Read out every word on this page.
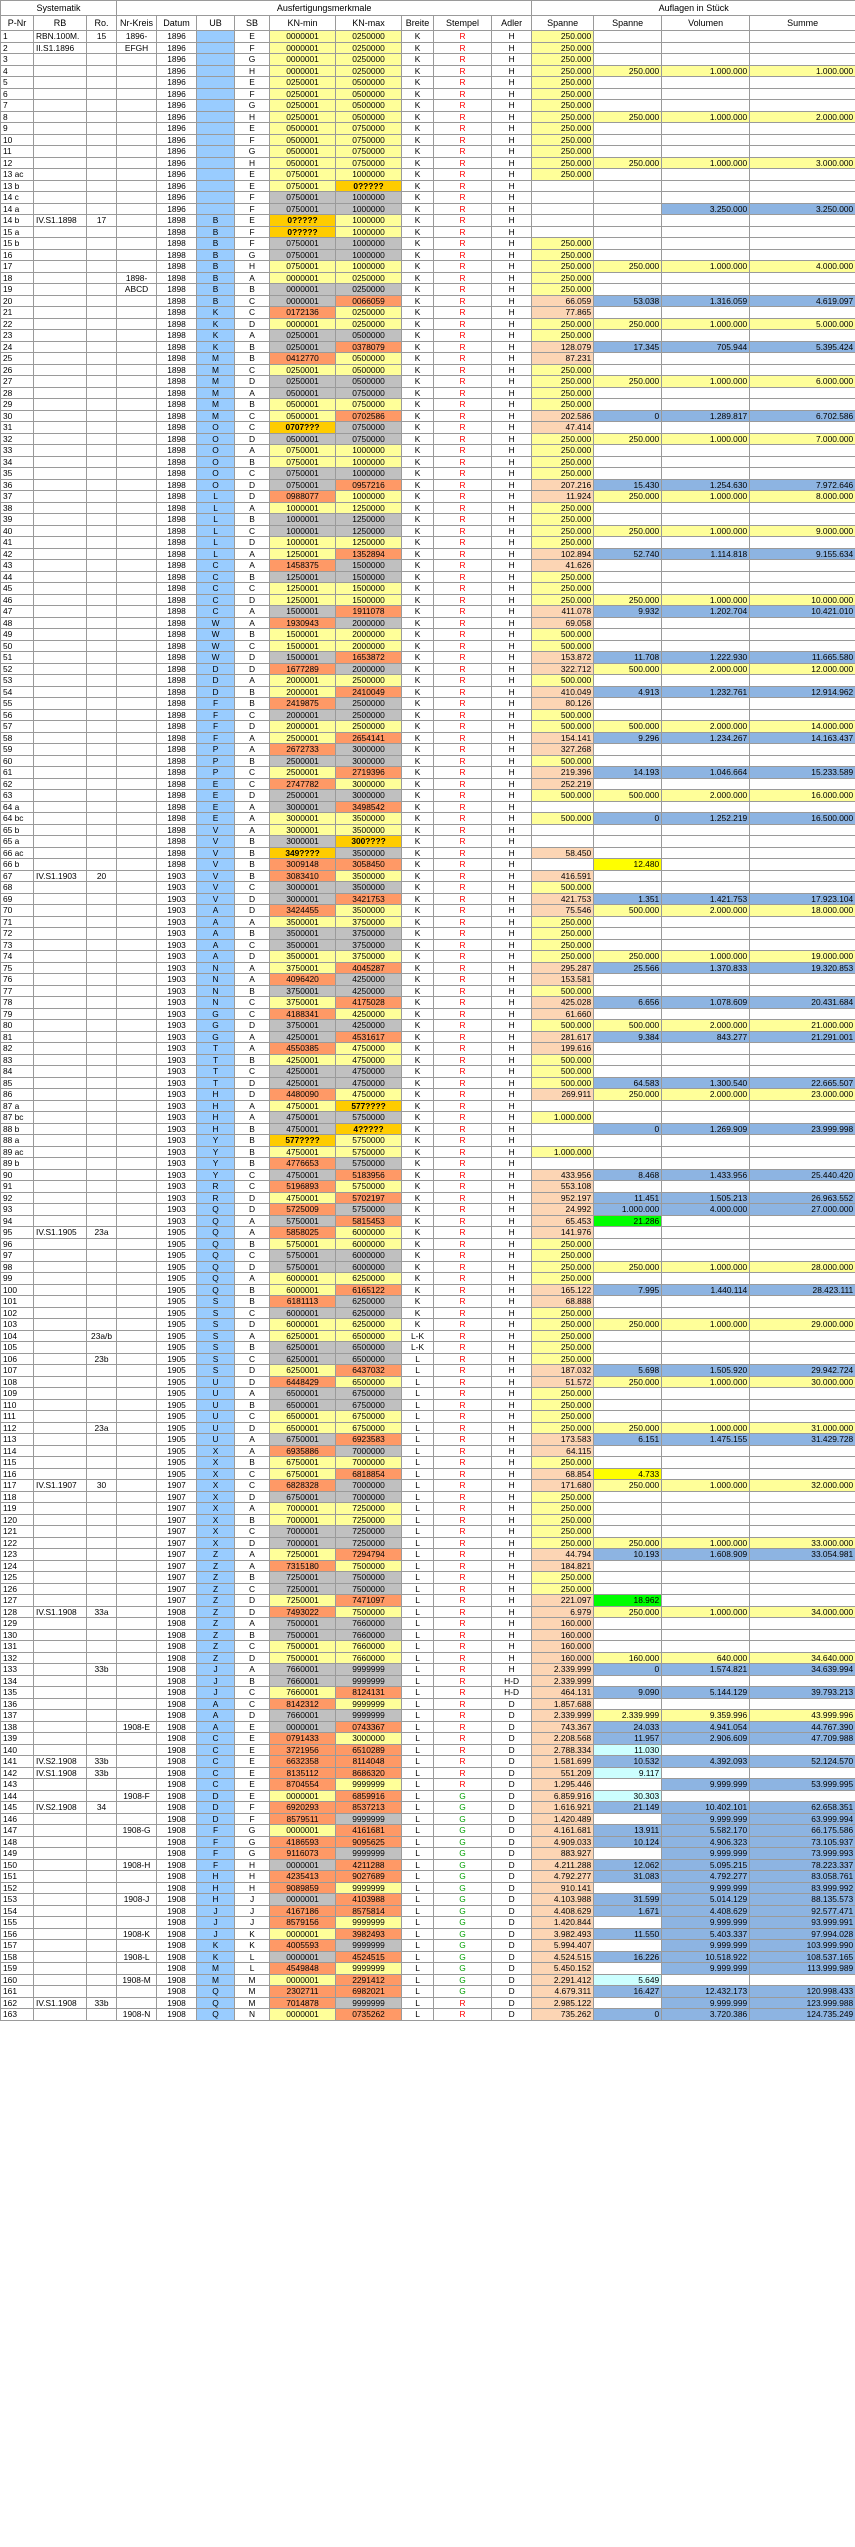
Systematik			Ausfertigungsmerkmale									Auflagen in Stück			
P-Nr	RB	Ro.	Nr-Kreis	Datum	UB	SB	KN-min	KN-max	Breite	Stempel	Adler	Spanne	Spanne	Volumen	Summe
1	RBN.100M.	15	1896-	1896		E	0000001	0250000	K	R	H	250.000			
2	II.S1.1896		EFGH	1896		F	0000001	0250000	K	R	H	250.000			
3				1896		G	0000001	0250000	K	R	H	250.000			
4				1896		H	0000001	0250000	K	R	H	250.000	250.000	1.000.000	1.000.000
5				1896		E	0250001	0500000	K	R	H	250.000			
6				1896		F	0250001	0500000	K	R	H	250.000			
7				1896		G	0250001	0500000	K	R	H	250.000			
8				1896		H	0250001	0500000	K	R	H	250.000	250.000	1.000.000	2.000.000
9				1896		E	0500001	0750000	K	R	H	250.000			
10				1896		F	0500001	0750000	K	R	H	250.000			
11				1896		G	0500001	0750000	K	R	H	250.000			
12				1896		H	0500001	0750000	K	R	H	250.000	250.000	1.000.000	3.000.000
13 ac				1896		E	0750001	1000000	K	R	H	250.000			
13 b				1896		E	0750001	0?????	K	R	H				
14 c				1896		F	0750001	1000000	K	R	H				
14 a				1896		F	0750001	1000000	K	R	H			3.250.000	3.250.000
14 b	IV.S1.1898	17		1898	B	E	0?????	1000000	K	R	H				
15 a				1898	B	F	0?????	1000000	K	R	H				
15 b				1898	B	F	0750001	1000000	K	R	H	250.000			
16				1898	B	G	0750001	1000000	K	R	H	250.000			
17				1898	B	H	0750001	1000000	K	R	H	250.000	250.000	1.000.000	4.000.000
18			1898-	1898	B	A	0000001	0250000	K	R	H	250.000			
19			ABCD	1898	B	B	0000001	0250000	K	R	H	250.000			
20				1898	B	C	0000001	0066059	K	R	H	66.059	53.038	1.316.059	4.619.097
21				1898	K	C	0172136	0250000	K	R	H	77.865			
22				1898	K	D	0000001	0250000	K	R	H	250.000	250.000	1.000.000	5.000.000
23				1898	K	A	0250001	0500000	K	R	H	250.000			
24				1898	K	B	0250001	0378079	K	R	H	128.079	17.345	705.944	5.395.424
25				1898	M	B	0412770	0500000	K	R	H	87.231			
26				1898	M	C	0250001	0500000	K	R	H	250.000			
27				1898	M	D	0250001	0500000	K	R	H	250.000	250.000	1.000.000	6.000.000
28				1898	M	A	0500001	0750000	K	R	H	250.000			
29				1898	M	B	0500001	0750000	K	R	H	250.000			
30				1898	M	C	0500001	0702586	K	R	H	202.586	0	1.289.817	6.702.586
31				1898	O	C	0707???	0750000	K	R	H	47.414			
32				1898	O	D	0500001	0750000	K	R	H	250.000	250.000	1.000.000	7.000.000
33				1898	O	A	0750001	1000000	K	R	H	250.000			
34				1898	O	B	0750001	1000000	K	R	H	250.000			
35				1898	O	C	0750001	1000000	K	R	H	250.000			
36				1898	O	D	0750001	0957216	K	R	H	207.216	15.430	1.254.630	7.972.646
37				1898	L	D	0988077	1000000	K	R	H	11.924	250.000	1.000.000	8.000.000
38				1898	L	A	1000001	1250000	K	R	H	250.000			
39				1898	L	B	1000001	1250000	K	R	H	250.000			
40				1898	L	C	1000001	1250000	K	R	H	250.000	250.000	1.000.000	9.000.000
41				1898	L	D	1000001	1250000	K	R	H	250.000			
42				1898	L	A	1250001	1352894	K	R	H	102.894	52.740	1.114.818	9.155.634
43				1898	C	A	1458375	1500000	K	R	H	41.626			
44				1898	C	B	1250001	1500000	K	R	H	250.000			
45				1898	C	C	1250001	1500000	K	R	H	250.000			
46				1898	C	D	1250001	1500000	K	R	H	250.000	250.000	1.000.000	10.000.000
47				1898	C	A	1500001	1911078	K	R	H	411.078	9.932	1.202.704	10.421.010
48				1898	W	A	1930943	2000000	K	R	H	69.058			
49				1898	W	B	1500001	2000000	K	R	H	500.000			
50				1898	W	C	1500001	2000000	K	R	H	500.000			
51				1898	W	D	1500001	1653872	K	R	H	153.872	11.708	1.222.930	11.665.580
52				1898	D	D	1677289	2000000	K	R	H	322.712	500.000	2.000.000	12.000.000
53				1898	D	A	2000001	2500000	K	R	H	500.000			
54				1898	D	B	2000001	2410049	K	R	H	410.049	4.913	1.232.761	12.914.962
55				1898	F	B	2419875	2500000	K	R	H	80.126			
56				1898	F	C	2000001	2500000	K	R	H	500.000			
57				1898	F	D	2000001	2500000	K	R	H	500.000	500.000	2.000.000	14.000.000
58				1898	F	A	2500001	2654141	K	R	H	154.141	9.296	1.234.267	14.163.437
59				1898	P	A	2672733	3000000	K	R	H	327.268			
60				1898	P	B	2500001	3000000	K	R	H	500.000			
61				1898	P	C	2500001	2719396	K	R	H	219.396	14.193	1.046.664	15.233.589
62				1898	E	C	2747782	3000000	K	R	H	252.219			
63				1898	E	D	2500001	3000000	K	R	H	500.000	500.000	2.000.000	16.000.000
64 a				1898	E	A	3000001	3498542	K	R	H				
64 bc				1898	E	A	3000001	3500000	K	R	H	500.000	0	1.252.219	16.500.000
65 b				1898	V	A	3000001	3500000	K	R	H				
65 a				1898	V	B	3000001	300????	K	R	H				
66 ac				1898	V	B	349????	3500000	K	R	H	58.450			
66 b				1898	V	B	3009148	3058450	K	R	H		12.480		
67	IV.S1.1903	20		1903	V	B	3083410	3500000	K	R	H	416.591			
68				1903	V	C	3000001	3500000	K	R	H	500.000			
69				1903	V	D	3000001	3421753	K	R	H	421.753	1.351	1.421.753	17.923.104
70				1903	A	D	3424455	3500000	K	R	H	75.546	500.000	2.000.000	18.000.000
71				1903	A	A	3500001	3750000	K	R	H	250.000			
72				1903	A	B	3500001	3750000	K	R	H	250.000			
73				1903	A	C	3500001	3750000	K	R	H	250.000			
74				1903	A	D	3500001	3750000	K	R	H	250.000	250.000	1.000.000	19.000.000
75				1903	N	A	3750001	4045287	K	R	H	295.287	25.566	1.370.833	19.320.853
76				1903	N	A	4096420	4250000	K	R	H	153.581			
77				1903	N	B	3750001	4250000	K	R	H	500.000			
78				1903	N	C	3750001	4175028	K	R	H	425.028	6.656	1.078.609	20.431.684
79				1903	G	C	4188341	4250000	K	R	H	61.660			
80				1903	G	D	3750001	4250000	K	R	H	500.000	500.000	2.000.000	21.000.000
81				1903	G	A	4250001	4531617	K	R	H	281.617	9.384	843.277	21.291.001
82				1903	T	A	4550385	4750000	K	R	H	199.616			
83				1903	T	B	4250001	4750000	K	R	H	500.000			
84				1903	T	C	4250001	4750000	K	R	H	500.000			
85				1903	T	D	4250001	4750000	K	R	H	500.000	64.583	1.300.540	22.665.507
86				1903	H	D	4480090	4750000	K	R	H	269.911	250.000	2.000.000	23.000.000
87 a				1903	H	A	4750001	577????	K	R	H				
87 bc				1903	H	A	4750001	5750000	K	R	H	1.000.000			
88 b				1903	H	B	4750001	4?????	K	R	H		0	1.269.909	23.999.998
88 a				1903	Y	B	577????	5750000	K	R	H				
89 ac				1903	Y	B	4750001	5750000	K	R	H	1.000.000			
89 b				1903	Y	B	4776653	5750000	K	R	H				
90				1903	Y	C	4750001	5183956	K	R	H	433.956	8.468	1.433.956	25.440.420
91				1903	R	C	5196893	5750000	K	R	H	553.108			
92				1903	R	D	4750001	5702197	K	R	H	952.197	11.451	1.505.213	26.963.552
93				1903	Q	D	5725009	5750000	K	R	H	24.992	1.000.000	4.000.000	27.000.000
94				1903	Q	A	5750001	5815453	K	R	H	65.453	21.286		
95	IV.S1.1905	23a		1905	Q	A	5858025	6000000	K	R	H	141.976			
96				1905	Q	B	5750001	6000000	K	R	H	250.000			
97				1905	Q	C	5750001	6000000	K	R	H	250.000			
98				1905	Q	D	5750001	6000000	K	R	H	250.000	250.000	1.000.000	28.000.000
99				1905	Q	A	6000001	6250000	K	R	H	250.000			
100				1905	Q	B	6000001	6165122	K	R	H	165.122	7.995	1.440.114	28.423.111
101				1905	S	B	6181113	6250000	K	R	H	68.888			
102				1905	S	C	6000001	6250000	K	R	H	250.000			
103				1905	S	D	6000001	6250000	K	R	H	250.000	250.000	1.000.000	29.000.000
104		23a/b		1905	S	A	6250001	6500000	L-K	R	H	250.000			
105				1905	S	B	6250001	6500000	L-K	R	H	250.000			
106		23b		1905	S	C	6250001	6500000	L	R	H	250.000			
107				1905	S	D	6250001	6437032	L	R	H	187.032	5.698	1.505.920	29.942.724
108				1905	U	D	6448429	6500000	L	R	H	51.572	250.000	1.000.000	30.000.000
109				1905	U	A	6500001	6750000	L	R	H	250.000			
110				1905	U	B	6500001	6750000	L	R	H	250.000			
111				1905	U	C	6500001	6750000	L	R	H	250.000			
112		23a		1905	U	D	6500001	6750000	L	R	H	250.000	250.000	1.000.000	31.000.000
113				1905	U	A	6750001	6923583	L	R	H	173.583	6.151	1.475.155	31.429.728
114				1905	X	A	6935886	7000000	L	R	H	64.115			
115				1905	X	B	6750001	7000000	L	R	H	250.000			
116				1905	X	C	6750001	6818854	L	R	H	68.854	4.733		
117	IV.S1.1907	30		1907	X	C	6828328	7000000	L	R	H	171.680	250.000	1.000.000	32.000.000
118				1907	X	D	6750001	7000000	L	R	H	250.000			
119				1907	X	A	7000001	7250000	L	R	H	250.000			
120				1907	X	B	7000001	7250000	L	R	H	250.000			
121				1907	X	C	7000001	7250000	L	R	H	250.000			
122				1907	X	D	7000001	7250000	L	R	H	250.000	250.000	1.000.000	33.000.000
123				1907	Z	A	7250001	7294794	L	R	H	44.794	10.193	1.608.909	33.054.981
124				1907	Z	A	7315180	7500000	L	R	H	184.821			
125				1907	Z	B	7250001	7500000	L	R	H	250.000			
126				1907	Z	C	7250001	7500000	L	R	H	250.000			
127				1907	Z	D	7250001	7471097	L	R	H	221.097	18.962		
128	IV.S1.1908	33a		1908	Z	D	7493022	7500000	L	R	H	6.979	250.000	1.000.000	34.000.000
129				1908	Z	A	7500001	7660000	L	R	H	160.000			
130				1908	Z	B	7500001	7660000	L	R	H	160.000			
131				1908	Z	C	7500001	7660000	L	R	H	160.000			
132				1908	Z	D	7500001	7660000	L	R	H	160.000	160.000	640.000	34.640.000
133		33b		1908	J	A	7660001	9999999	L	R	H	2.339.999	0	1.574.821	34.639.994
134				1908	J	B	7660001	9999999	L	R	H-D	2.339.999			
135				1908	J	C	7660001	8124131	L	R	H-D	464.131	9.090	5.144.129	39.793.213
136				1908	A	C	8142312	9999999	L	R	D	1.857.688			
137				1908	A	D	7660001	9999999	L	R	D	2.339.999	2.339.999	9.359.996	43.999.996
138			1908-E	1908	A	E	0000001	0743367	L	R	D	743.367	24.033	4.941.054	44.767.390
139				1908	C	E	0791433	3000000	L	R	D	2.208.568	11.957	2.906.609	47.709.988
140				1908	C	E	3721956	6510289	L	R	D	2.788.334	11.030		
141	IV.S2.1908	33b		1908	C	E	6632358	8114048	L	R	D	1.581.699	10.532	4.392.093	52.124.570
142	IV.S1.1908	33b		1908	C	E	8135112	8686320	L	R	D	551.209	9.117		
143				1908	C	E	8704554	9999999	L	R	D	1.295.446		9.999.999	53.999.995
144			1908-F	1908	D	E	0000001	6859916	L	G	D	6.859.916	30.303		
145	IV.S2.1908	34		1908	D	F	6920293	8537213	L	G	D	1.616.921	21.149	10.402.101	62.658.351
146				1908	D	F	8579511	9999999	L	G	D	1.420.489		9.999.999	63.999.994
147			1908-G	1908	F	G	0000001	4161681	L	G	D	4.161.681	13.911	5.582.170	66.175.586
148				1908	F	G	4186593	9095625	L	G	D	4.909.033	10.124	4.906.323	73.105.937
149				1908	F	G	9116073	9999999	L	G	D	883.927		9.999.999	73.999.993
150			1908-H	1908	F	H	0000001	4211288	L	G	D	4.211.288	12.062	5.095.215	78.223.337
151				1908	H	H	4235413	9027689	L	G	D	4.792.277	31.083	4.792.277	83.058.761
152				1908	H	H	9089859	9999999	L	G	D	910.141		9.999.999	83.999.992
153			1908-J	1908	H	J	0000001	4103988	L	G	D	4.103.988	31.599	5.014.129	88.135.573
154				1908	J	J	4167186	8575814	L	G	D	4.408.629	1.671	4.408.629	92.577.471
155				1908	J	J	8579156	9999999	L	G	D	1.420.844		9.999.999	93.999.991
156			1908-K	1908	J	K	0000001	3982493	L	G	D	3.982.493	11.550	5.403.337	97.994.028
157				1908	K	K	4005593	9999999	L	G	D	5.994.407		9.999.999	103.999.990
158			1908-L	1908	K	L	0000001	4524515	L	G	D	4.524.515	16.226	10.518.922	108.537.165
159				1908	M	L	4549848	9999999	L	G	D	5.450.152		9.999.999	113.999.989
160			1908-M	1908	M	M	0000001	2291412	L	G	D	2.291.412	5.649		
161				1908	Q	M	2302711	6982021	L	G	D	4.679.311	16.427	12.432.173	120.998.433
162	IV.S1.1908	33b		1908	Q	M	7014878	9999999	L	R	D	2.985.122		9.999.999	123.999.988
163			1908-N	1908	Q	N	0000001	0735262	L	R	D	735.262	0	3.720.386	124.735.249
